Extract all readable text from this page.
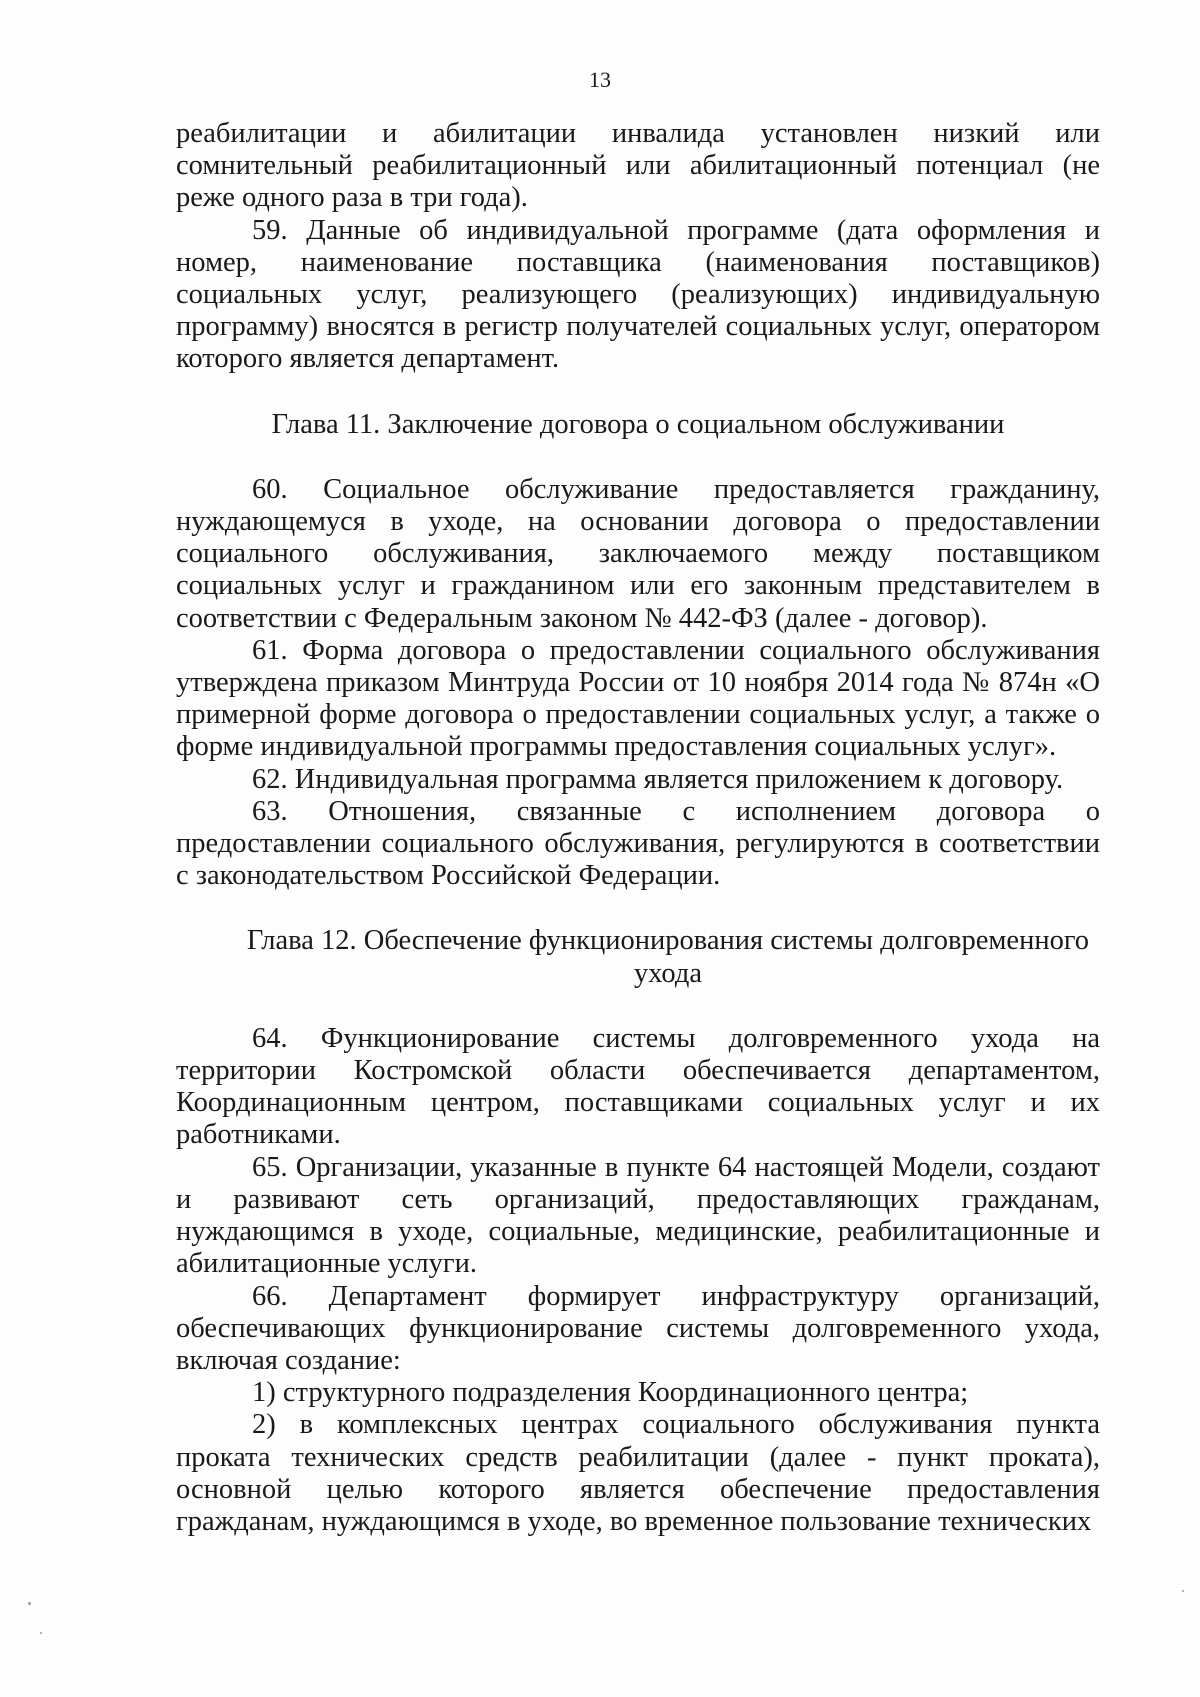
13

реабилитации и абилитации инвалида установлен низкий или сомнительный реабилитационный или абилитационный потенциал (не реже одного раза в три года).

59. Данные об индивидуальной программе (дата оформления и номер, наименование поставщика (наименования поставщиков) социальных услуг, реализующего (реализующих) индивидуальную программу) вносятся в регистр получателей социальных услуг, оператором которого является департамент.

Глава 11. Заключение договора о социальном обслуживании

60. Социальное обслуживание предоставляется гражданину, нуждающемуся в уходе, на основании договора о предоставлении социального обслуживания, заключаемого между поставщиком социальных услуг и гражданином или его законным представителем в соответствии с Федеральным законом № 442-ФЗ (далее - договор).

61. Форма договора о предоставлении социального обслуживания утверждена приказом Минтруда России от 10 ноября 2014 года № 874н «О примерной форме договора о предоставлении социальных услуг, а также о форме индивидуальной программы предоставления социальных услуг».

62. Индивидуальная программа является приложением к договору.

63. Отношения, связанные с исполнением договора о предоставлении социального обслуживания, регулируются в соответствии с законодательством Российской Федерации.

Глава 12. Обеспечение функционирования системы долговременного ухода

64. Функционирование системы долговременного ухода на территории Костромской области обеспечивается департаментом, Координационным центром, поставщиками социальных услуг и их работниками.

65. Организации, указанные в пункте 64 настоящей Модели, создают и развивают сеть организаций, предоставляющих гражданам, нуждающимся в уходе, социальные, медицинские, реабилитационные и абилитационные услуги.

66. Департамент формирует инфраструктуру организаций, обеспечивающих функционирование системы долговременного ухода, включая создание:

1) структурного подразделения Координационного центра;

2) в комплексных центрах социального обслуживания пункта проката технических средств реабилитации (далее - пункт проката), основной целью которого является обеспечение предоставления гражданам, нуждающимся в уходе, во временное пользование технических
